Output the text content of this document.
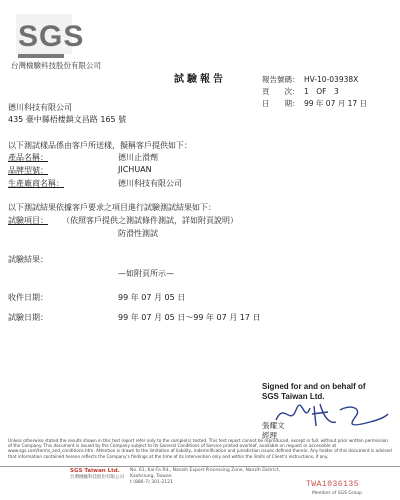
SGS
台灣檢驗科技股份有限公司
試驗報告	報告號碼： HV-10-03938X
頁　　次： 1　OF　3
日　　期： 99 年 07 月 17 日
德川科技有限公司
435 臺中縣梧棲鎮文昌路 165 號
以下測試樣品係由客戶所送樣，擬稱客戶提供如下：
產品名稱：	德川止滑劑
品牌型號：	JICHUAN
生產廠商名稱：	德川科技有限公司
以下測試結果依據客戶要求之項目進行試驗測試結果如下：
試驗項目： （依照客戶提供之測試條件測試，詳如附頁說明）
防滑性測試
試驗結果：
—如附頁所示—
收件日期：	99 年 07 月 05 日
試驗日期：	99 年 07 月 05 日～99 年 07 月 17 日
Signed for and on behalf of
SGS Taiwan Ltd.
張耀文
經理
Unless otherwise stated the results shown in this test report refer only to the sample(s) tested. This test report cannot be reproduced, except in full, without prior written permission of the Company. This document is issued by the Company subject to its General Conditions of Service printed overleaf, available on request or accessible at www.sgs.com/terms_and_conditions.htm. Attention is drawn to the limitation of liability, indemnification and jurisdiction issues defined therein. Any holder of this document is advised that information contained hereon reflects the Company's findings at the time of its intervention only and within the limits of Client's instructions, if any.
SGS Taiwan Ltd.
台灣檢驗科技股份有限公司
No. 61, Kai-Fa Rd., Nanzih Export Processing Zone, Nanzih District, Kaohsiung, Taiwan
t (886-7) 301-2121	TWA1036135
Member of SGS Group
